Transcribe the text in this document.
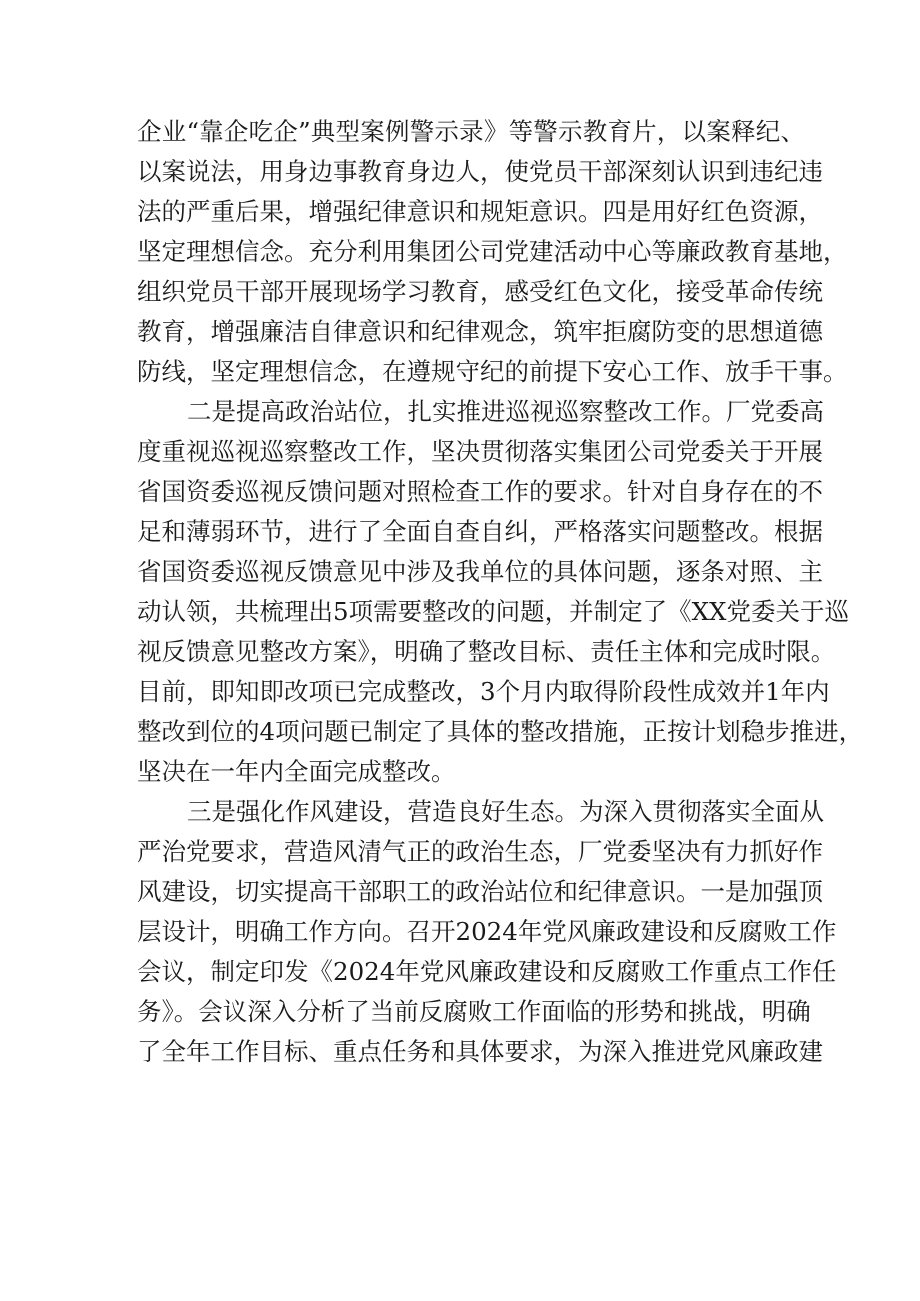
企业“靠企吃企”典型案例警示录》等警示教育片，以案释纪、
以案说法，用身边事教育身边人，使党员干部深刻认识到违纪违
法的严重后果，增强纪律意识和规矩意识。四是用好红色资源，
坚定理想信念。充分利用集团公司党建活动中心等廉政教育基地，
组织党员干部开展现场学习教育，感受红色文化，接受革命传统
教育，增强廉洁自律意识和纪律观念，筑牢拒腐防变的思想道德
防线，坚定理想信念，在遵规守纪的前提下安心工作、放手干事。
二是提高政治站位，扎实推进巡视巡察整改工作。厂党委高
度重视巡视巡察整改工作，坚决贯彻落实集团公司党委关于开展
省国资委巡视反馈问题对照检查工作的要求。针对自身存在的不
足和薄弱环节，进行了全面自查自纠，严格落实问题整改。根据
省国资委巡视反馈意见中涉及我单位的具体问题，逐条对照、主
动认领，共梳理出5项需要整改的问题，并制定了《XX党委关于巡
视反馈意见整改方案》，明确了整改目标、责任主体和完成时限。
目前，即知即改项已完成整改，3个月内取得阶段性成效并1年内
整改到位的4项问题已制定了具体的整改措施，正按计划稳步推进，
坚决在一年内全面完成整改。
三是强化作风建设，营造良好生态。为深入贯彻落实全面从
严治党要求，营造风清气正的政治生态，厂党委坚决有力抓好作
风建设，切实提高干部职工的政治站位和纪律意识。一是加强顶
层设计，明确工作方向。召开2024年党风廉政建设和反腐败工作
会议，制定印发《2024年党风廉政建设和反腐败工作重点工作任
务》。会议深入分析了当前反腐败工作面临的形势和挑战，明确
了全年工作目标、重点任务和具体要求，为深入推进党风廉政建
